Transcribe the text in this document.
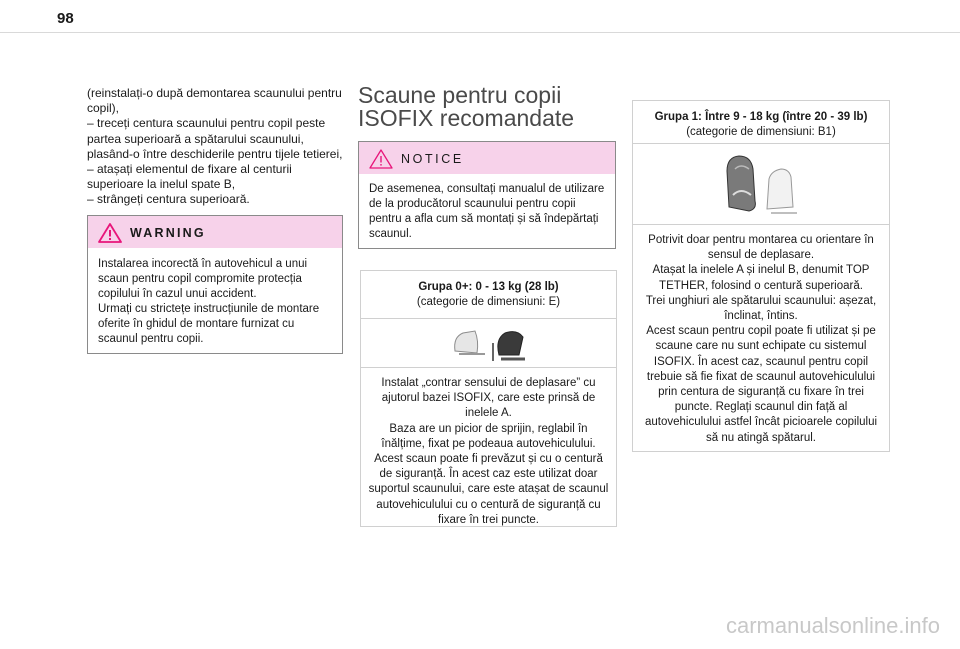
98

(reinstalați-o după demontarea scaunului pentru copil),

– treceți centura scaunului pentru copil peste partea superioară a spătarului scaunului, plasând-o între deschiderile pentru tijele tetierei,

– atașați elementul de fixare al centurii superioare la inelul spate B,

– strângeți centura superioară.

WARNING
Instalarea incorectă în autovehicul a unui scaun pentru copil compromite protecția copilului în cazul unui accident.
Urmați cu strictețe instrucțiunile de montare oferite în ghidul de montare furnizat cu scaunul pentru copii.
Scaune pentru copii ISOFIX recomandate
NOTICE
De asemenea, consultați manualul de utilizare de la producătorul scaunului pentru copii pentru a afla cum să montați și să îndepărtați scaunul.
Grupa 0+: 0 - 13 kg (28 lb)
(categorie de dimensiuni: E)
Instalat „contrar sensului de deplasare” cu ajutorul bazei ISOFIX, care este prinsă de inelele A.
Baza are un picior de sprijin, reglabil în înălțime, fixat pe podeaua autovehiculului.
Acest scaun poate fi prevăzut și cu o centură de siguranță. În acest caz este utilizat doar suportul scaunului, care este atașat de scaunul autovehiculului cu o centură de siguranță cu fixare în trei puncte.
Grupa 1: Între 9 - 18 kg (între 20 - 39 lb)
(categorie de dimensiuni: B1)
Potrivit doar pentru montarea cu orientare în sensul de deplasare.
Atașat la inelele A și inelul B, denumit TOP TETHER, folosind o centură superioară.
Trei unghiuri ale spătarului scaunului: așezat, înclinat, întins.
Acest scaun pentru copil poate fi utilizat și pe scaune care nu sunt echipate cu sistemul ISOFIX. În acest caz, scaunul pentru copil trebuie să fie fixat de scaunul autovehiculului prin centura de siguranță cu fixare în trei puncte. Reglați scaunul din față al autovehiculului astfel încât picioarele copilului să nu atingă spătarul.
carmanualsonline.info
